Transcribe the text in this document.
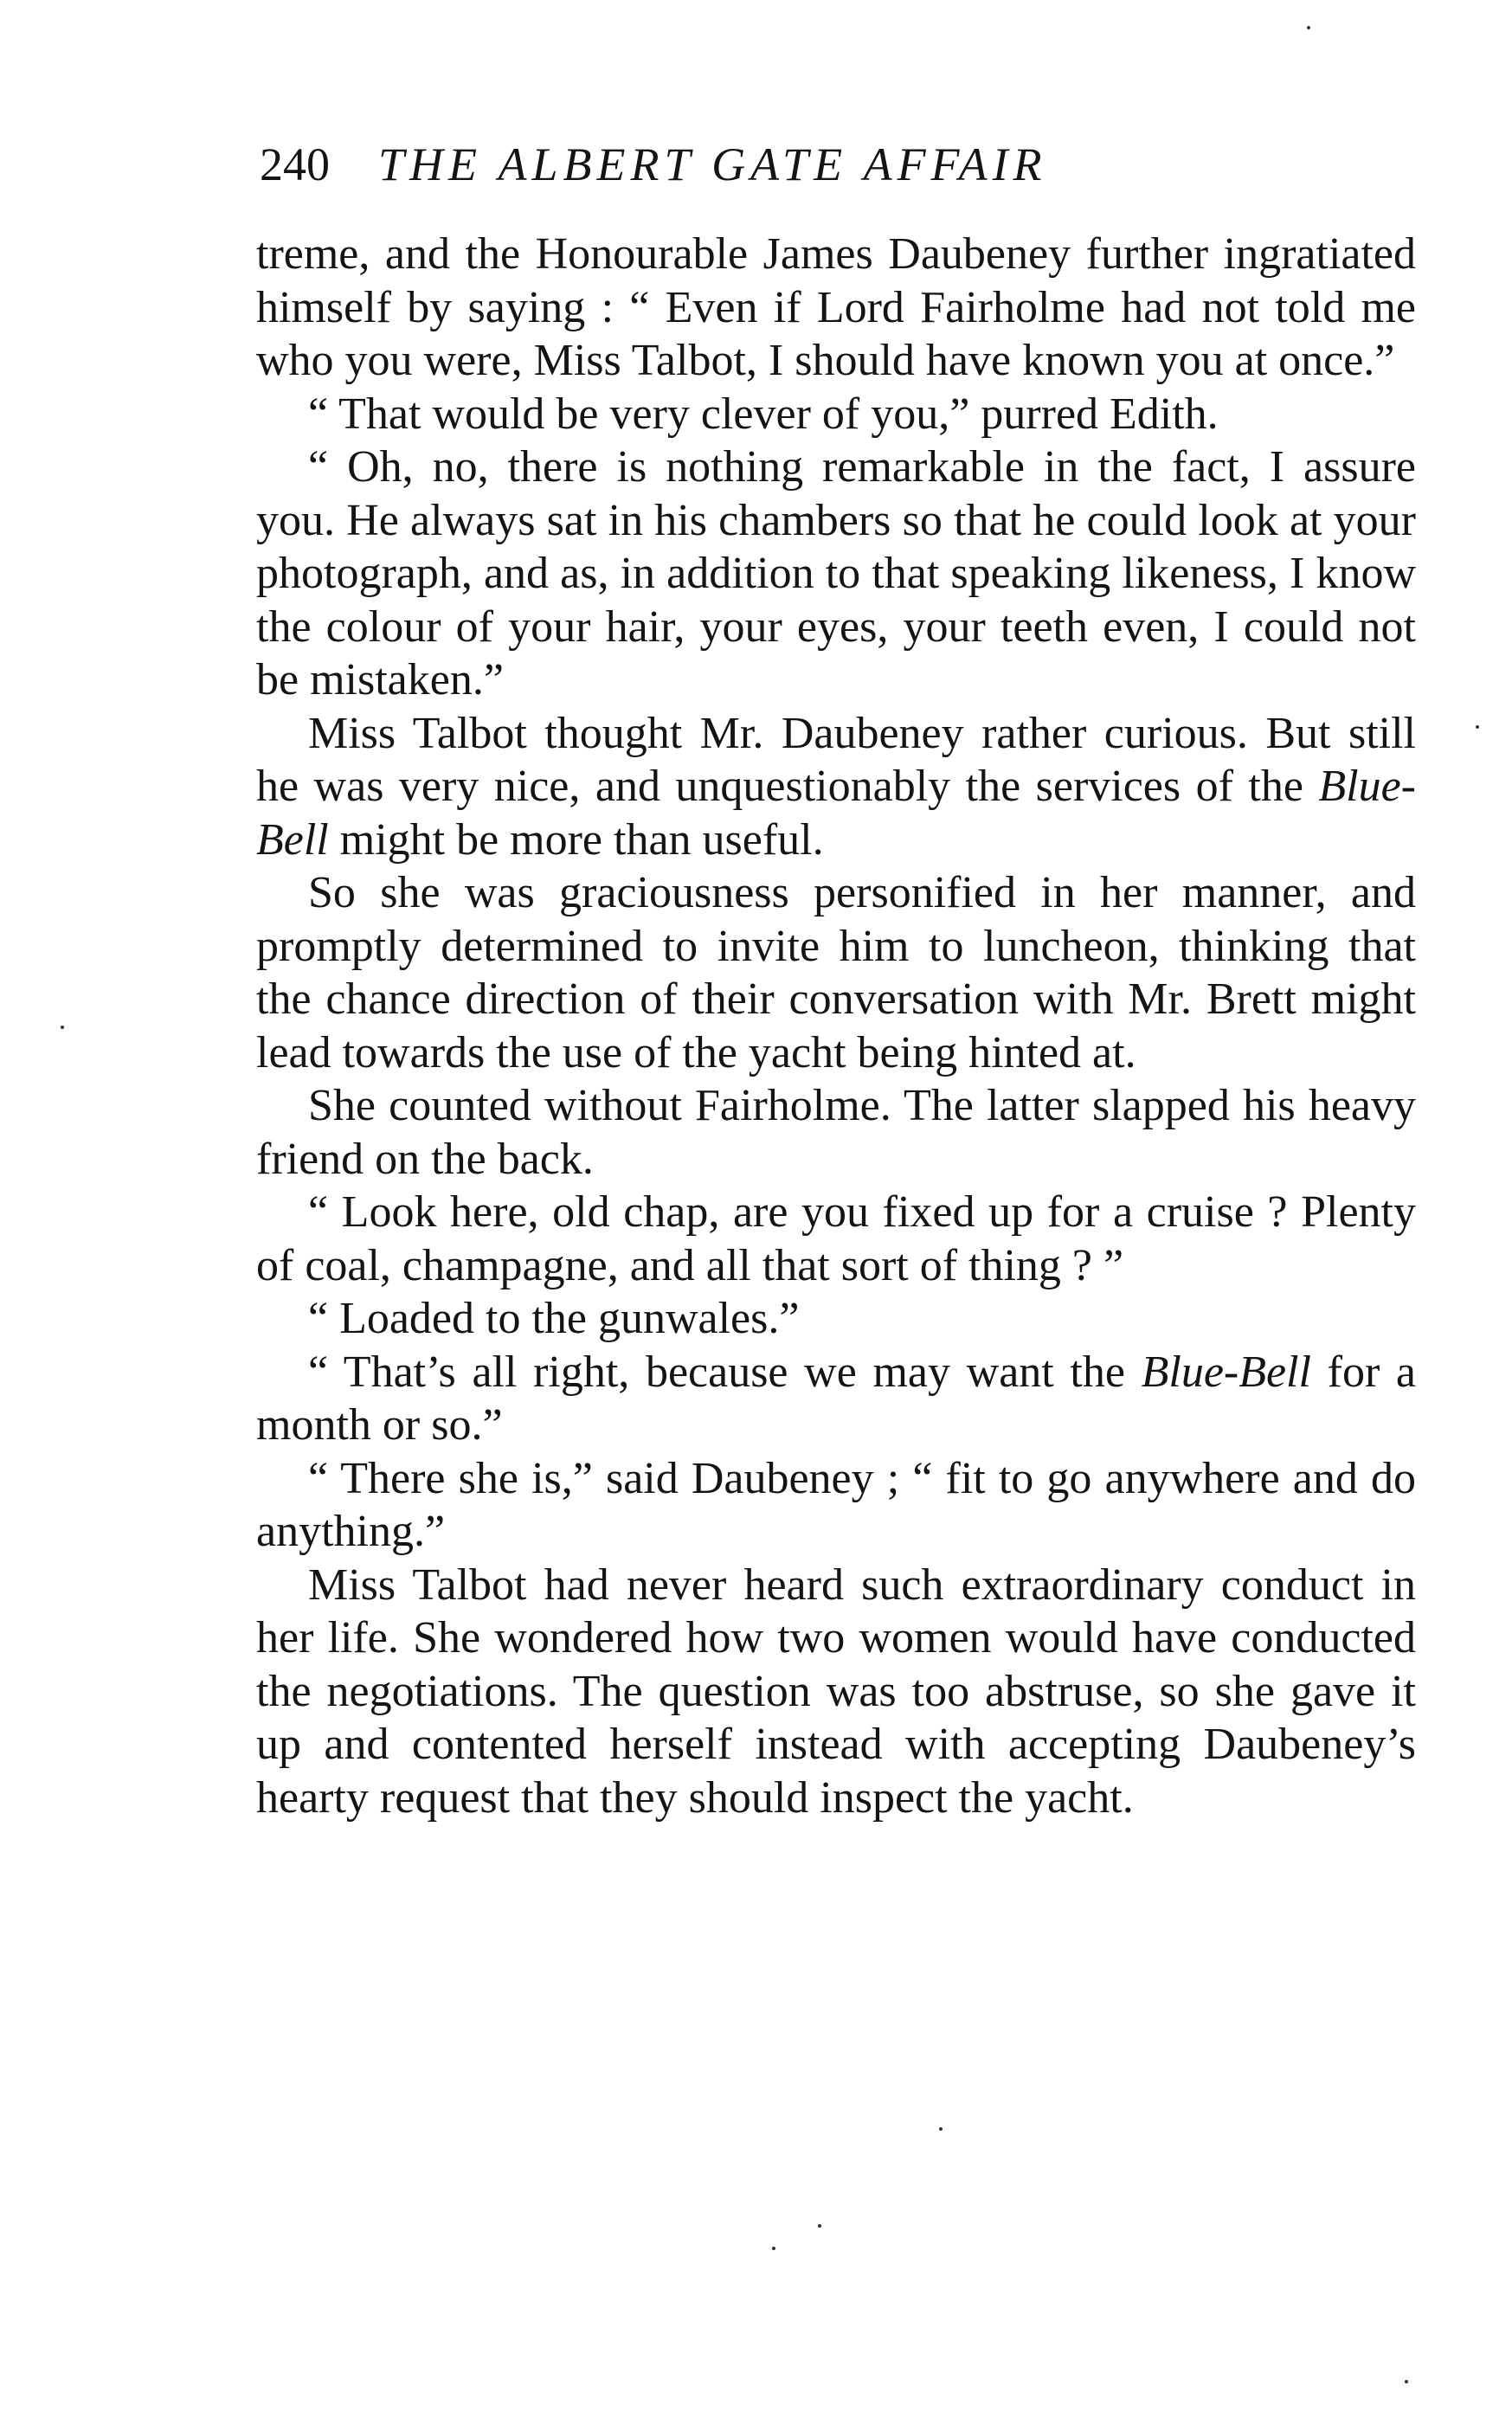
240 THE ALBERT GATE AFFAIR

treme, and the Honourable James Daubeney further ingratiated himself by saying : “ Even if Lord Fairholme had not told me who you were, Miss Talbot, I should have known you at once.”

“ That would be very clever of you,” purred Edith.

“ Oh, no, there is nothing remarkable in the fact, I assure you. He always sat in his chambers so that he could look at your photograph, and as, in addition to that speaking likeness, I know the colour of your hair, your eyes, your teeth even, I could not be mistaken.”

Miss Talbot thought Mr. Daubeney rather curious. But still he was very nice, and unquestionably the services of the Blue-Bell might be more than useful.

So she was graciousness personified in her manner, and promptly determined to invite him to luncheon, thinking that the chance direction of their conversation with Mr. Brett might lead towards the use of the yacht being hinted at.

She counted without Fairholme. The latter slapped his heavy friend on the back.

“ Look here, old chap, are you fixed up for a cruise ? Plenty of coal, champagne, and all that sort of thing ? ”

“ Loaded to the gunwales.”

“ That’s all right, because we may want the Blue-Bell for a month or so.”

“ There she is,” said Daubeney ; “ fit to go anywhere and do anything.”

Miss Talbot had never heard such extraordinary conduct in her life. She wondered how two women would have conducted the negotiations. The question was too abstruse, so she gave it up and contented herself instead with accepting Daubeney’s hearty request that they should inspect the yacht.
